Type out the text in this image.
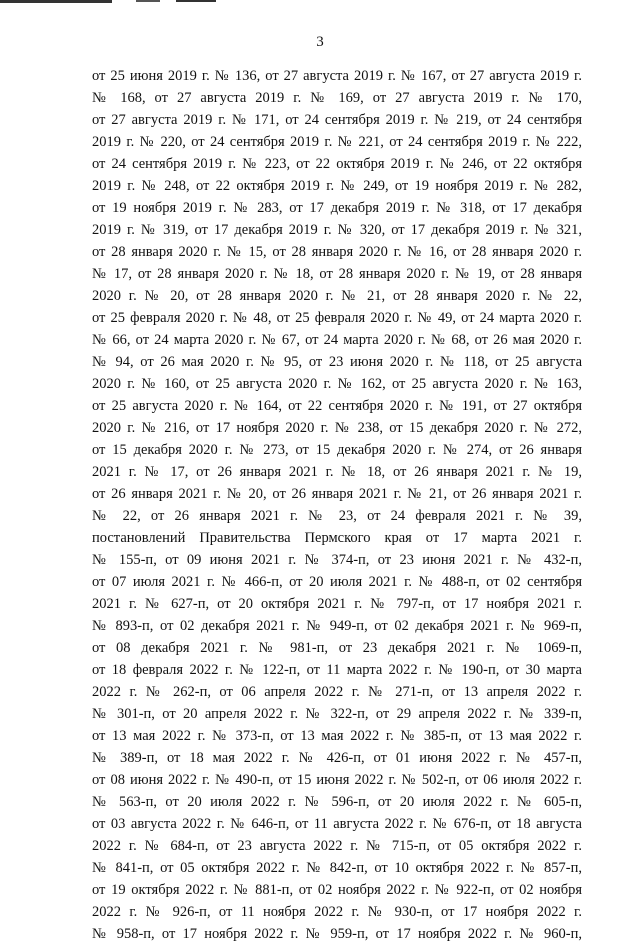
3
от 25 июня 2019 г. № 136, от 27 августа 2019 г. № 167, от 27 августа 2019 г.
№ 168, от 27 августа 2019 г. № 169, от 27 августа 2019 г. № 170,
от 27 августа 2019 г. № 171, от 24 сентября 2019 г. № 219, от 24 сентября
2019 г. № 220, от 24 сентября 2019 г. № 221, от 24 сентября 2019 г. № 222,
от 24 сентября 2019 г. № 223, от 22 октября 2019 г. № 246, от 22 октября
2019 г. № 248, от 22 октября 2019 г. № 249, от 19 ноября 2019 г. № 282,
от 19 ноября 2019 г. № 283, от 17 декабря 2019 г. № 318, от 17 декабря
2019 г. № 319, от 17 декабря 2019 г. № 320, от 17 декабря 2019 г. № 321,
от 28 января 2020 г. № 15, от 28 января 2020 г. № 16, от 28 января 2020 г.
№ 17, от 28 января 2020 г. № 18, от 28 января 2020 г. № 19, от 28 января
2020 г. № 20, от 28 января 2020 г. № 21, от 28 января 2020 г. № 22,
от 25 февраля 2020 г. № 48, от 25 февраля 2020 г. № 49, от 24 марта 2020 г.
№ 66, от 24 марта 2020 г. № 67, от 24 марта 2020 г. № 68, от 26 мая 2020 г.
№ 94, от 26 мая 2020 г. № 95, от 23 июня 2020 г. № 118, от 25 августа
2020 г. № 160, от 25 августа 2020 г. № 162, от 25 августа 2020 г. № 163,
от 25 августа 2020 г. № 164, от 22 сентября 2020 г. № 191, от 27 октября
2020 г. № 216, от 17 ноября 2020 г. № 238, от 15 декабря 2020 г. № 272,
от 15 декабря 2020 г. № 273, от 15 декабря 2020 г. № 274, от 26 января
2021 г. № 17, от 26 января 2021 г. № 18, от 26 января 2021 г. № 19,
от 26 января 2021 г. № 20, от 26 января 2021 г. № 21, от 26 января 2021 г.
№ 22, от 26 января 2021 г. № 23, от 24 февраля 2021 г. № 39,
постановлений Правительства Пермского края от 17 марта 2021 г.
№ 155-п, от 09 июня 2021 г. № 374-п, от 23 июня 2021 г. № 432-п,
от 07 июля 2021 г. № 466-п, от 20 июля 2021 г. № 488-п, от 02 сентября
2021 г. № 627-п, от 20 октября 2021 г. № 797-п, от 17 ноября 2021 г.
№ 893-п, от 02 декабря 2021 г. № 949-п, от 02 декабря 2021 г. № 969-п,
от 08 декабря 2021 г. № 981-п, от 23 декабря 2021 г. № 1069-п,
от 18 февраля 2022 г. № 122-п, от 11 марта 2022 г. № 190-п, от 30 марта
2022 г. № 262-п, от 06 апреля 2022 г. № 271-п, от 13 апреля 2022 г.
№ 301-п, от 20 апреля 2022 г. № 322-п, от 29 апреля 2022 г. № 339-п,
от 13 мая 2022 г. № 373-п, от 13 мая 2022 г. № 385-п, от 13 мая 2022 г.
№ 389-п, от 18 мая 2022 г. № 426-п, от 01 июня 2022 г. № 457-п,
от 08 июня 2022 г. № 490-п, от 15 июня 2022 г. № 502-п, от 06 июля 2022 г.
№ 563-п, от 20 июля 2022 г. № 596-п, от 20 июля 2022 г. № 605-п,
от 03 августа 2022 г. № 646-п, от 11 августа 2022 г. № 676-п, от 18 августа
2022 г. № 684-п, от 23 августа 2022 г. № 715-п, от 05 октября 2022 г.
№ 841-п, от 05 октября 2022 г. № 842-п, от 10 октября 2022 г. № 857-п,
от 19 октября 2022 г. № 881-п, от 02 ноября 2022 г. № 922-п, от 02 ноября
2022 г. № 926-п, от 11 ноября 2022 г. № 930-п, от 17 ноября 2022 г.
№ 958-п, от 17 ноября 2022 г. № 959-п, от 17 ноября 2022 г. № 960-п,
